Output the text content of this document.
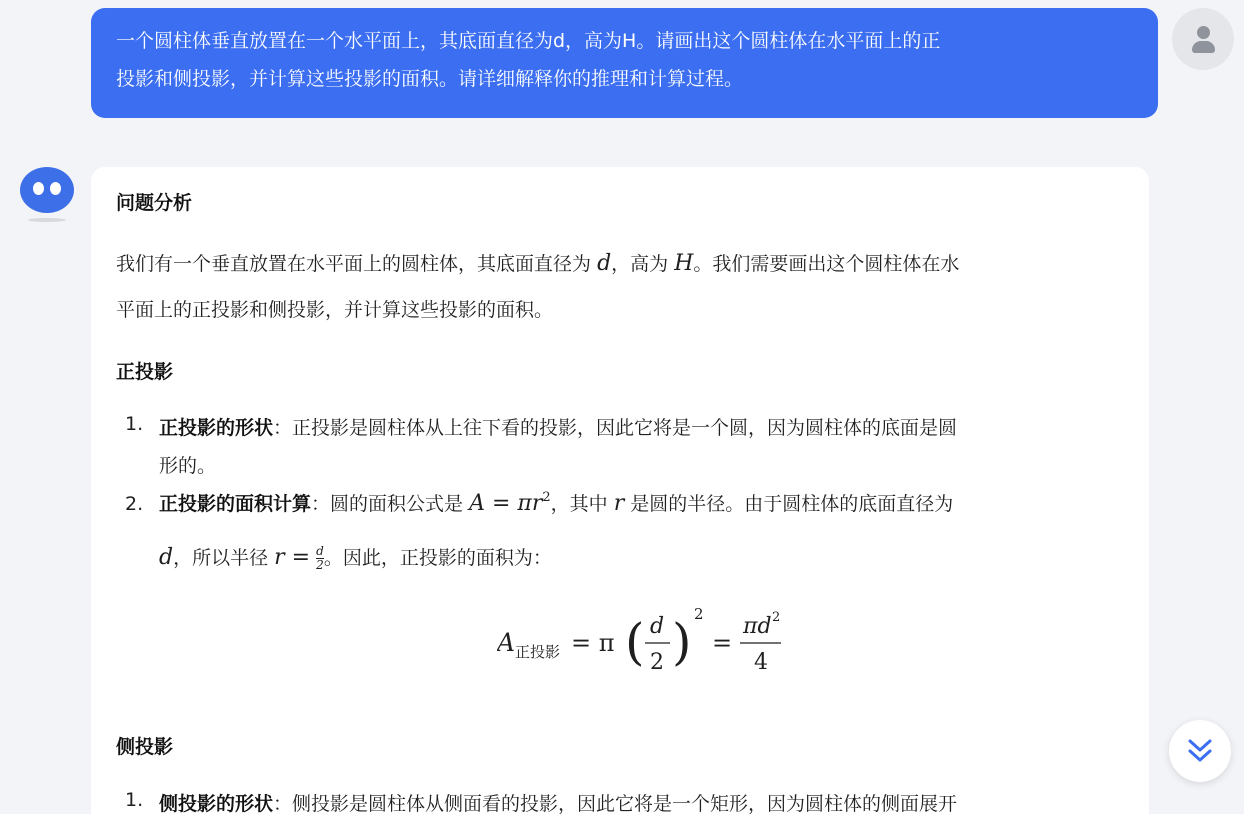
一个圆柱体垂直放置在一个水平面上，其底面直径为d，高为H。请画出这个圆柱体在水平面上的正
投影和侧投影，并计算这些投影的面积。请详细解释你的推理和计算过程。
问题分析
我们有一个垂直放置在水平面上的圆柱体，其底面直径为 d，高为 H。我们需要画出这个圆柱体在水
平面上的正投影和侧投影，并计算这些投影的面积。
正投影
1. 正投影的形状：正投影是圆柱体从上往下看的投影，因此它将是一个圆，因为圆柱体的底面是圆
形的。
2. 正投影的面积计算：圆的面积公式是 $A = \pi r^2$，其中 r 是圆的半径。由于圆柱体的底面直径为
d，所以半径 $r = \frac{d}{2}$ 。因此，正投影的面积为：
A 正投影 = π ( d
2 ) 2
=
πd 2
4
侧投影
1. 侧投影的形状：侧投影是圆柱体从侧面看的投影，因此它将是一个矩形，因为圆柱体的侧面展开
